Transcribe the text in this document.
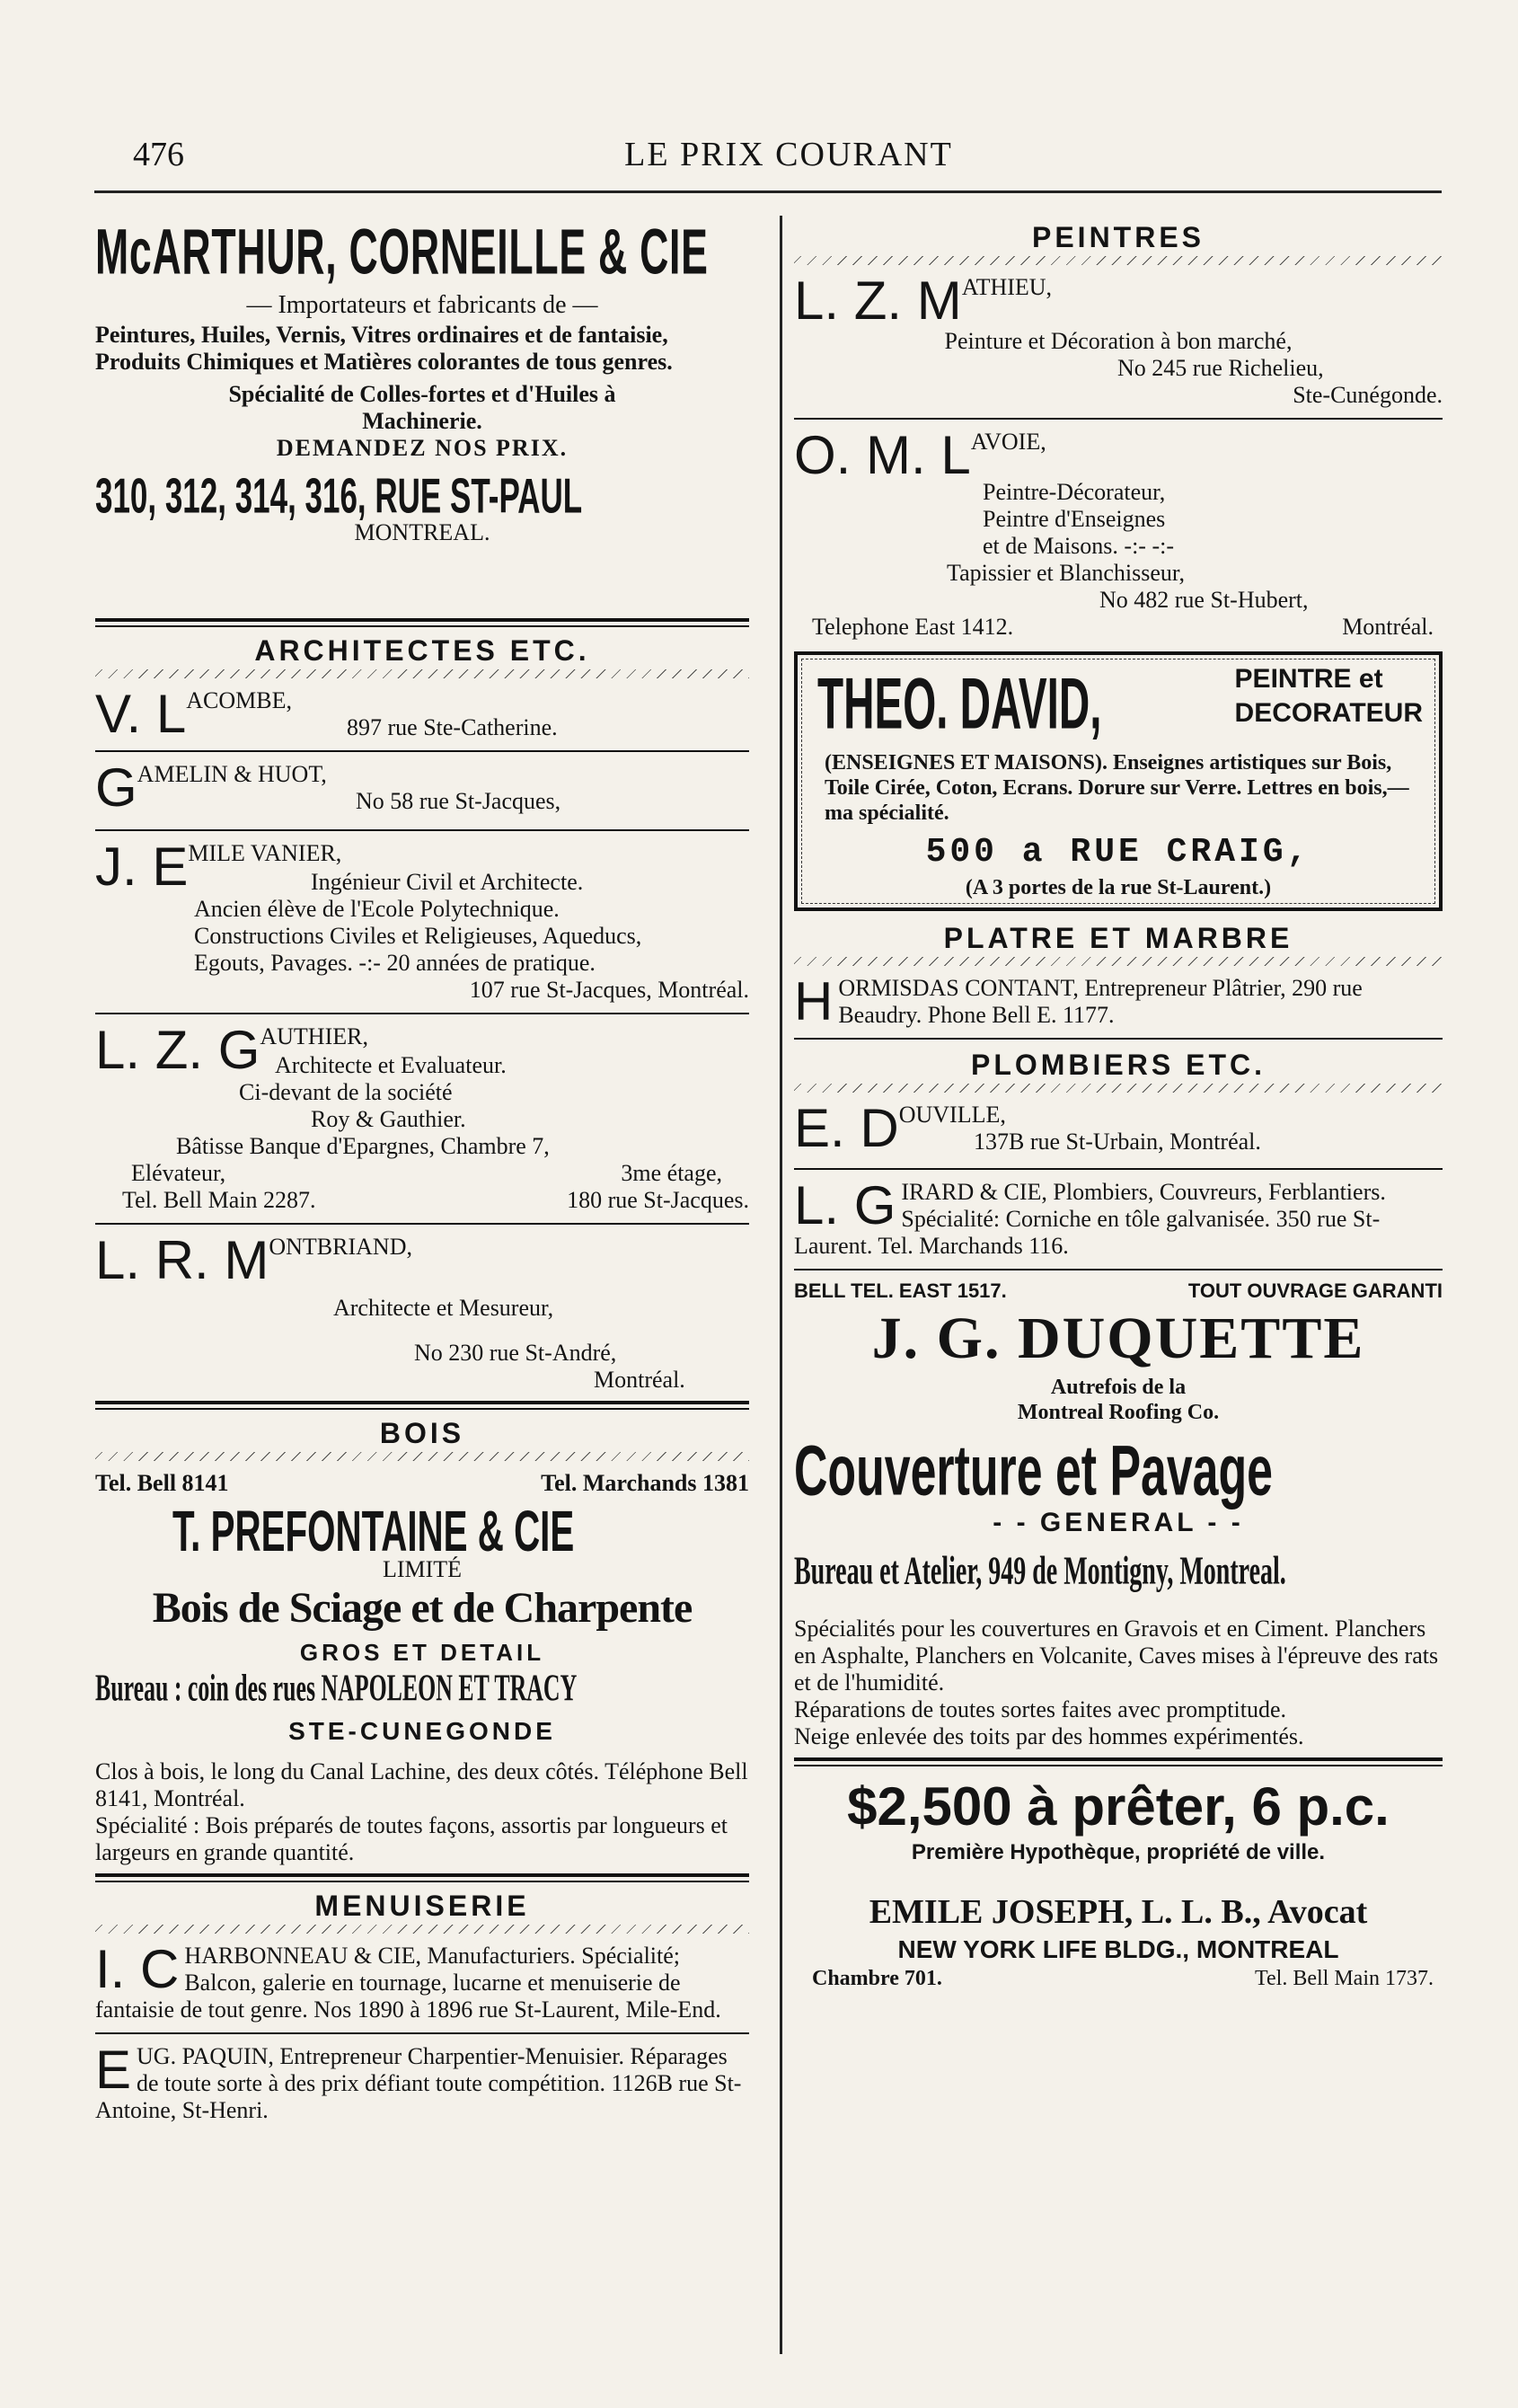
476	LE PRIX COURANT
McARTHUR, CORNEILLE & CIE
— Importateurs et fabricants de —
Peintures, Huiles, Vernis, Vitres ordinaires et de fantaisie, Produits Chimiques et Matières colorantes de tous genres.
Spécialité de Colles-fortes et d'Huiles à Machinerie.
DEMANDEZ NOS PRIX.
310, 312, 314, 316, RUE ST-PAUL
MONTREAL.
ARCHITECTES ETC.
V. LACOMBE,
897 rue Ste-Catherine.
GAMELIN & HUOT,
No 58 rue St-Jacques,
J. EMILE VANIER,
Ingénieur Civil et Architecte.
Ancien élève de l'Ecole Polytechnique. Constructions Civiles et Religieuses, Aqueducs, Egouts, Pavages. -:- 20 années de pratique.
107 rue St-Jacques, Montréal.
L. Z. GAUTHIER,
Architecte et Evaluateur.
Ci-devant de la société
Roy & Gauthier.
Bâtisse Banque d'Epargnes, Chambre 7,
Elévateur,	3me étage,
Tel. Bell Main 2287.	180 rue St-Jacques.
L. R. MONTBRIAND,
Architecte et Mesureur,
No 230 rue St-André,
Montréal.
BOIS
Tel. Bell 8141	Tel. Marchands 1381
T. PREFONTAINE & CIE
LIMITÉ
Bois de Sciage et de Charpente
GROS ET DETAIL
Bureau : coin des rues NAPOLEON ET TRACY
STE-CUNEGONDE
Clos à bois, le long du Canal Lachine, des deux côtés. Téléphone Bell 8141, Montréal.
Spécialité : Bois préparés de toutes façons, assortis par longueurs et largeurs en grande quantité.
MENUISERIE
I. C HARBONNEAU & CIE, Manufacturiers. Spécialité; Balcon, galerie en tournage, lucarne et menuiserie de fantaisie de tout genre. Nos 1890 à 1896 rue St-Laurent, Mile-End.
E UG. PAQUIN, Entrepreneur Charpentier-Menuisier. Réparages de toute sorte à des prix défiant toute compétition. 1126B rue St-Antoine, St-Henri.
PEINTRES
L. Z. MATHIEU,
Peinture et Décoration à bon marché,
No 245 rue Richelieu,
Ste-Cunégonde.
O. M. LAVOIE,
Peintre-Décorateur,
Peintre d'Enseignes
et de Maisons. -:- -:-
Tapissier et Blanchisseur,
No 482 rue St-Hubert,
Telephone East 1412.	Montréal.
THEO. DAVID,	PEINTRE et
DECORATEUR
(ENSEIGNES ET MAISONS). Enseignes artistiques sur Bois, Toile Cirée, Coton, Ecrans. Dorure sur Verre. Lettres en bois,—ma spécialité.
500 a RUE CRAIG,
(A 3 portes de la rue St-Laurent.)
PLATRE ET MARBRE
H ORMISDAS CONTANT, Entrepreneur Plâtrier, 290 rue Beaudry. Phone Bell E. 1177.
PLOMBIERS ETC.
E. DOUVILLE,
137B rue St-Urbain, Montréal.
L. G IRARD & CIE, Plombiers, Couvreurs, Ferblantiers. Spécialité: Corniche en tôle galvanisée. 350 rue St-Laurent. Tel. Marchands 116.
BELL TEL. EAST 1517.	TOUT OUVRAGE GARANTI
J. G. DUQUETTE
Autrefois de la
Montreal Roofing Co.
Couverture et Pavage
- - GENERAL - -
Bureau et Atelier, 949 de Montigny, Montreal.
Spécialités pour les couvertures en Gravois et en Ciment. Planchers en Asphalte, Planchers en Volcanite, Caves mises à l'épreuve des rats et de l'humidité.
Réparations de toutes sortes faites avec promptitude.
Neige enlevée des toits par des hommes expérimentés.
$2,500 à prêter, 6 p.c.
Première Hypothèque, propriété de ville.
EMILE JOSEPH, L. L. B., Avocat
NEW YORK LIFE BLDG., MONTREAL
Chambre 701.	Tel. Bell Main 1737.
